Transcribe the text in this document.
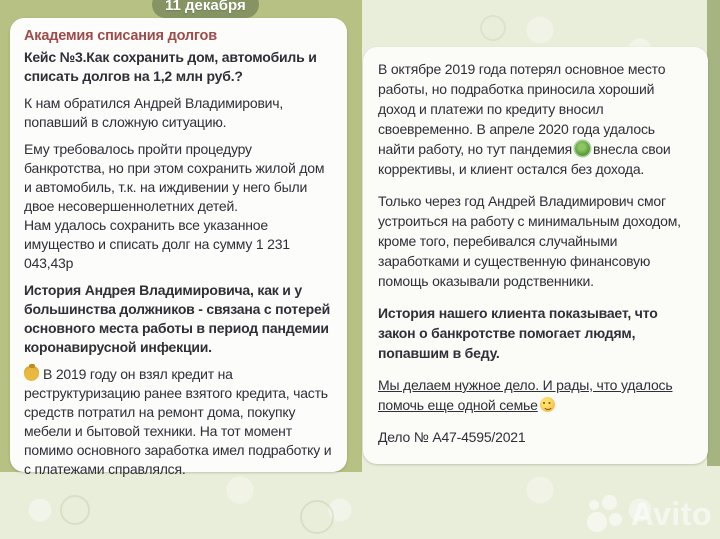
11 декабря
Академия списания долгов

Кейс №3.Как сохранить дом, автомобиль и списать долгов на 1,2 млн руб.?

К нам обратился Андрей Владимирович, попавший в сложную ситуацию.

Ему требовалось пройти процедуру банкротства, но при этом сохранить жилой дом и автомобиль, т.к. на иждивении у него были двое несовершеннолетних детей.

Нам удалось сохранить все указанное имущество и списать долг на сумму 1 231 043,43р

История Андрея Владимировича, как и у большинства должников - связана с потерей основного места работы в период пандемии коронавирусной инфекции.

В 2019 году он взял кредит на реструктуризацию ранее взятого кредита, часть средств потратил на ремонт дома, покупку мебели и бытовой техники. На тот момент помимо основного заработка имел подработку и с платежами справлялся.

В октябре 2019 года потерял основное место работы, но подработка приносила хороший доход и платежи по кредиту вносил своевременно. В апреле 2020 года удалось найти работу, но тут пандемия внесла свои коррективы, и клиент остался без дохода.

Только через год Андрей Владимирович смог устроиться на работу с минимальным доходом, кроме того, перебивался случайными заработками и существенную финансовую помощь оказывали родственники.

История нашего клиента показывает, что закон о банкротстве помогает людям, попавшим в беду.

Мы делаем нужное дело. И рады, что удалось помочь еще одной семье

Дело № А47-4595/2021

Avito
